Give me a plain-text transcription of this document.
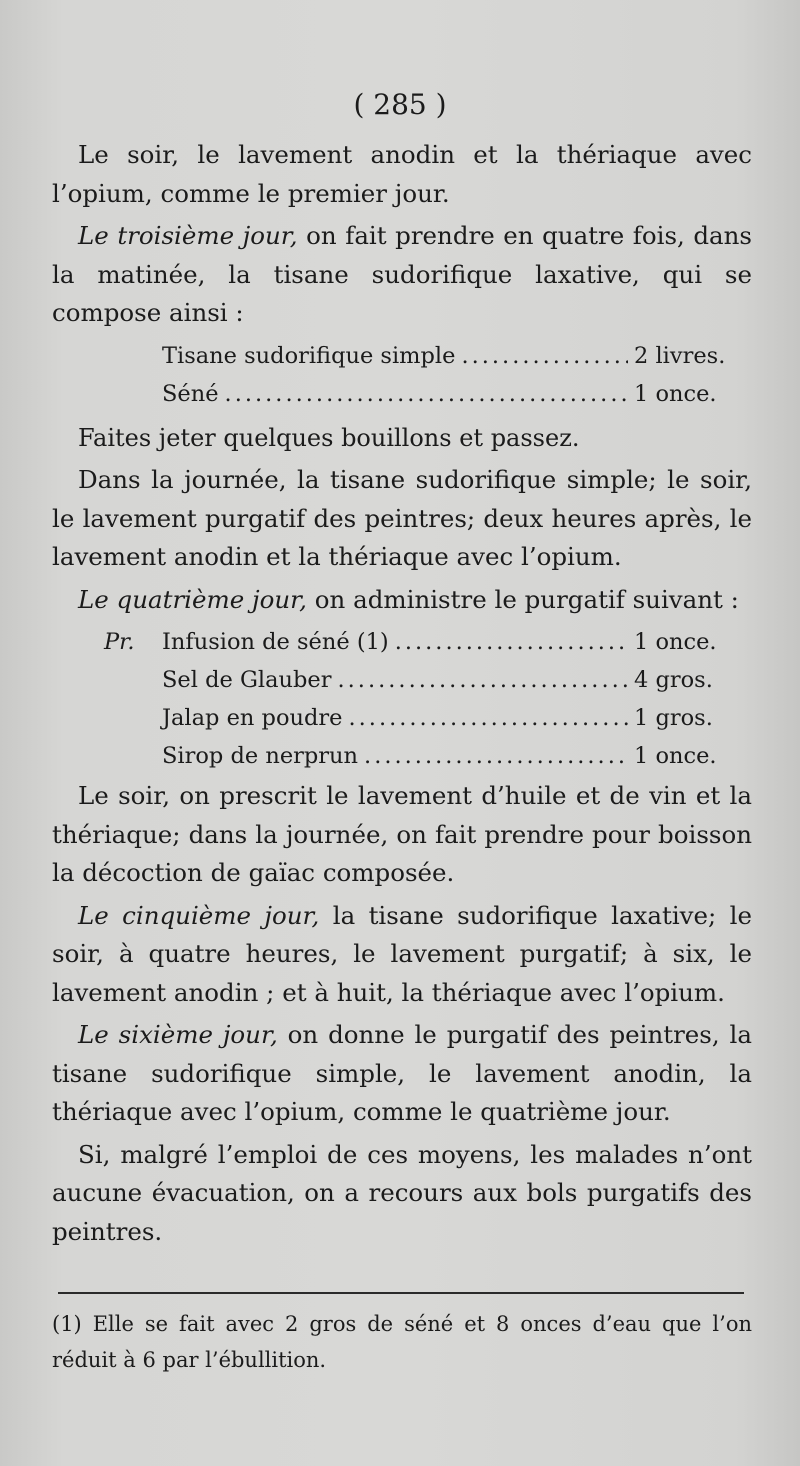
( 285 )

Le soir, le lavement anodin et la thériaque avec l’opium, comme le premier jour.

Le troisième jour, on fait prendre en quatre fois, dans la matinée, la tisane sudorifique laxative, qui se compose ainsi :

Tisane sudorifique simple .....	2 livres.
Séné .....	1 once.

Faites jeter quelques bouillons et passez.

Dans la journée, la tisane sudorifique simple; le soir, le lavement purgatif des peintres; deux heures après, le lavement anodin et la thériaque avec l’opium.

Le quatrième jour, on administre le purgatif suivant :

Pr.	Infusion de séné (1) .....	1 once.
Sel de Glauber .....	4 gros.
Jalap en poudre .....	1 gros.
Sirop de nerprun .....	1 once.

Le soir, on prescrit le lavement d’huile et de vin et la thériaque; dans la journée, on fait prendre pour boisson la décoction de gaïac composée.

Le cinquième jour, la tisane sudorifique laxative; le soir, à quatre heures, le lavement purgatif; à six, le lavement anodin ; et à huit, la thériaque avec l’opium.

Le sixième jour, on donne le purgatif des peintres, la tisane sudorifique simple, le lavement anodin, la thériaque avec l’opium, comme le quatrième jour.

Si, malgré l’emploi de ces moyens, les malades n’ont aucune évacuation, on a recours aux bols purgatifs des peintres.

(1) Elle se fait avec 2 gros de séné et 8 onces d’eau que l’on réduit à 6 par l’ébullition.
